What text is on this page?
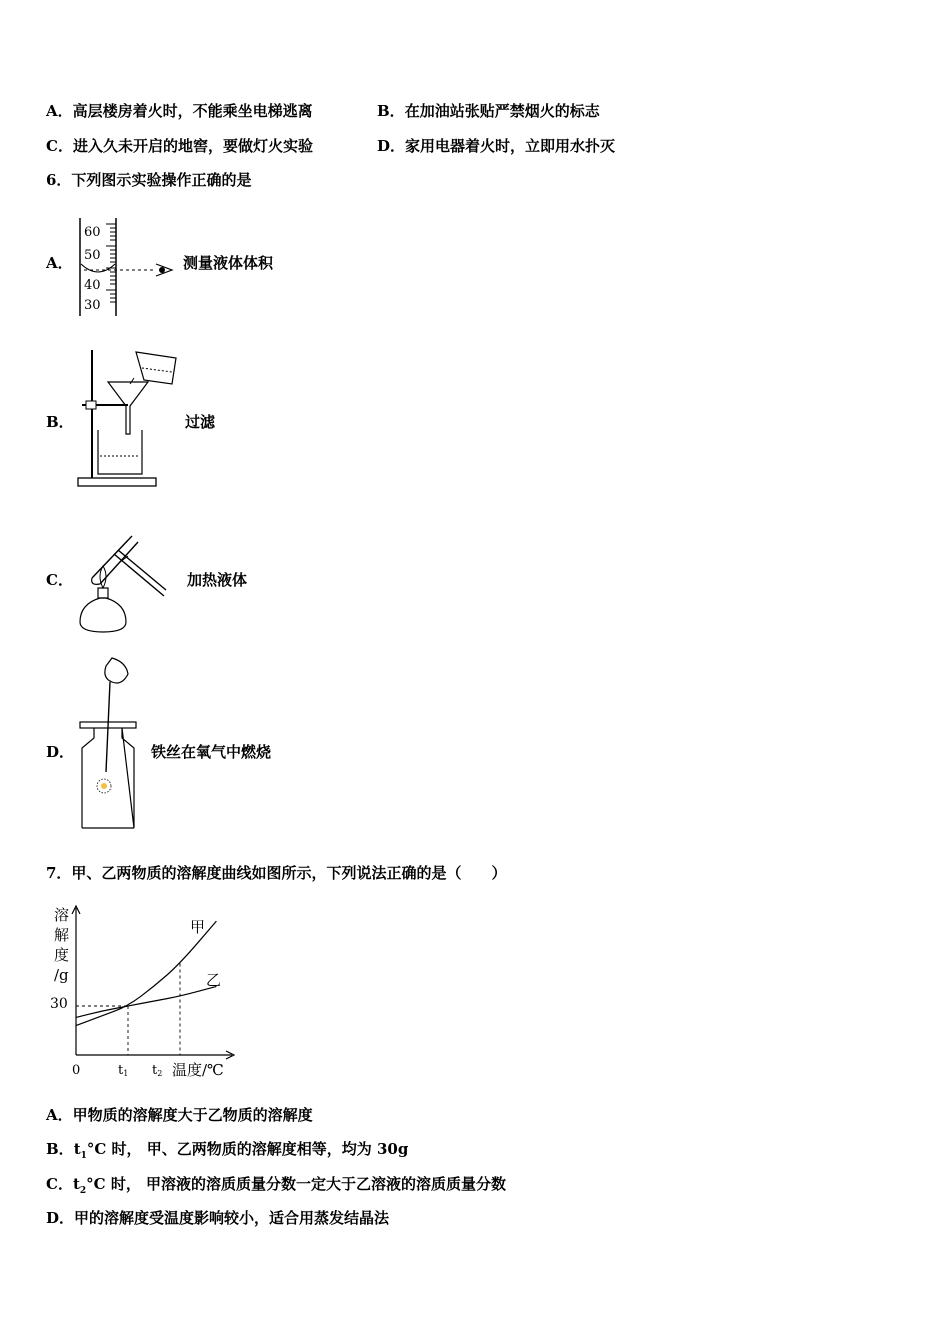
A．高层楼房着火时，不能乘坐电梯逃离	B．在加油站张贴严禁烟火的标志
C．进入久未开启的地窖，要做灯火实验	D．家用电器着火时，立即用水扑灭
6．下列图示实验操作正确的是
A．
60
50
40
30
测量液体体积
B．	过滤
C．	加热液体
D．	铁丝在氧气中燃烧
7．甲、乙两物质的溶解度曲线如图所示，下列说法正确的是（　　）
溶
解
度
/g
30
0	t1 t2 温度/℃
甲
乙
A．甲物质的溶解度大于乙物质的溶解度
B．$t_1^\circ C$ 时， 甲、乙两物质的溶解度相等，均为 30g
C．$t_2^\circ C$ 时， 甲溶液的溶质质量分数一定大于乙溶液的溶质质量分数
D．甲的溶解度受温度影响较小，适合用蒸发结晶法
